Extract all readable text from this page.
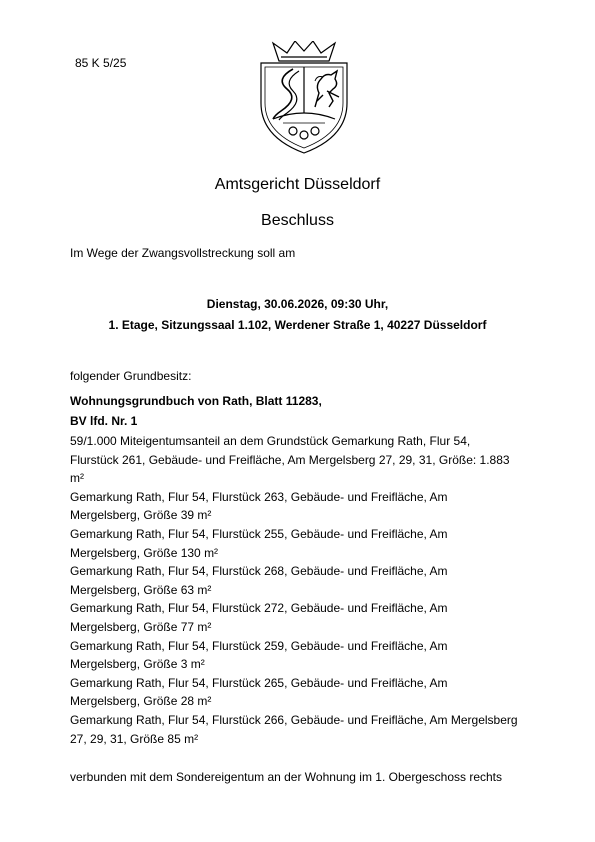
85 K 5/25
Amtsgericht Düsseldorf
Beschluss
Im Wege der Zwangsvollstreckung soll am
Dienstag, 30.06.2026, 09:30 Uhr,
1. Etage, Sitzungssaal 1.102, Werdener Straße 1, 40227 Düsseldorf
folgender Grundbesitz:
Wohnungsgrundbuch von Rath, Blatt 11283,
BV lfd. Nr. 1
59/1.000 Miteigentumsanteil an dem Grundstück Gemarkung Rath, Flur 54,
Flurstück 261, Gebäude- und Freifläche, Am Mergelsberg 27, 29, 31, Größe: 1.883
m²
Gemarkung Rath, Flur 54, Flurstück 263, Gebäude- und Freifläche, Am
Mergelsberg, Größe 39 m²
Gemarkung Rath, Flur 54, Flurstück 255, Gebäude- und Freifläche, Am
Mergelsberg, Größe 130 m²
Gemarkung Rath, Flur 54, Flurstück 268, Gebäude- und Freifläche, Am
Mergelsberg, Größe 63 m²
Gemarkung Rath, Flur 54, Flurstück 272, Gebäude- und Freifläche, Am
Mergelsberg, Größe 77 m²
Gemarkung Rath, Flur 54, Flurstück 259, Gebäude- und Freifläche, Am
Mergelsberg, Größe 3 m²
Gemarkung Rath, Flur 54, Flurstück 265, Gebäude- und Freifläche, Am
Mergelsberg, Größe 28 m²
Gemarkung Rath, Flur 54, Flurstück 266, Gebäude- und Freifläche, Am Mergelsberg
27, 29, 31, Größe 85 m²
verbunden mit dem Sondereigentum an der Wohnung im 1. Obergeschoss rechts
